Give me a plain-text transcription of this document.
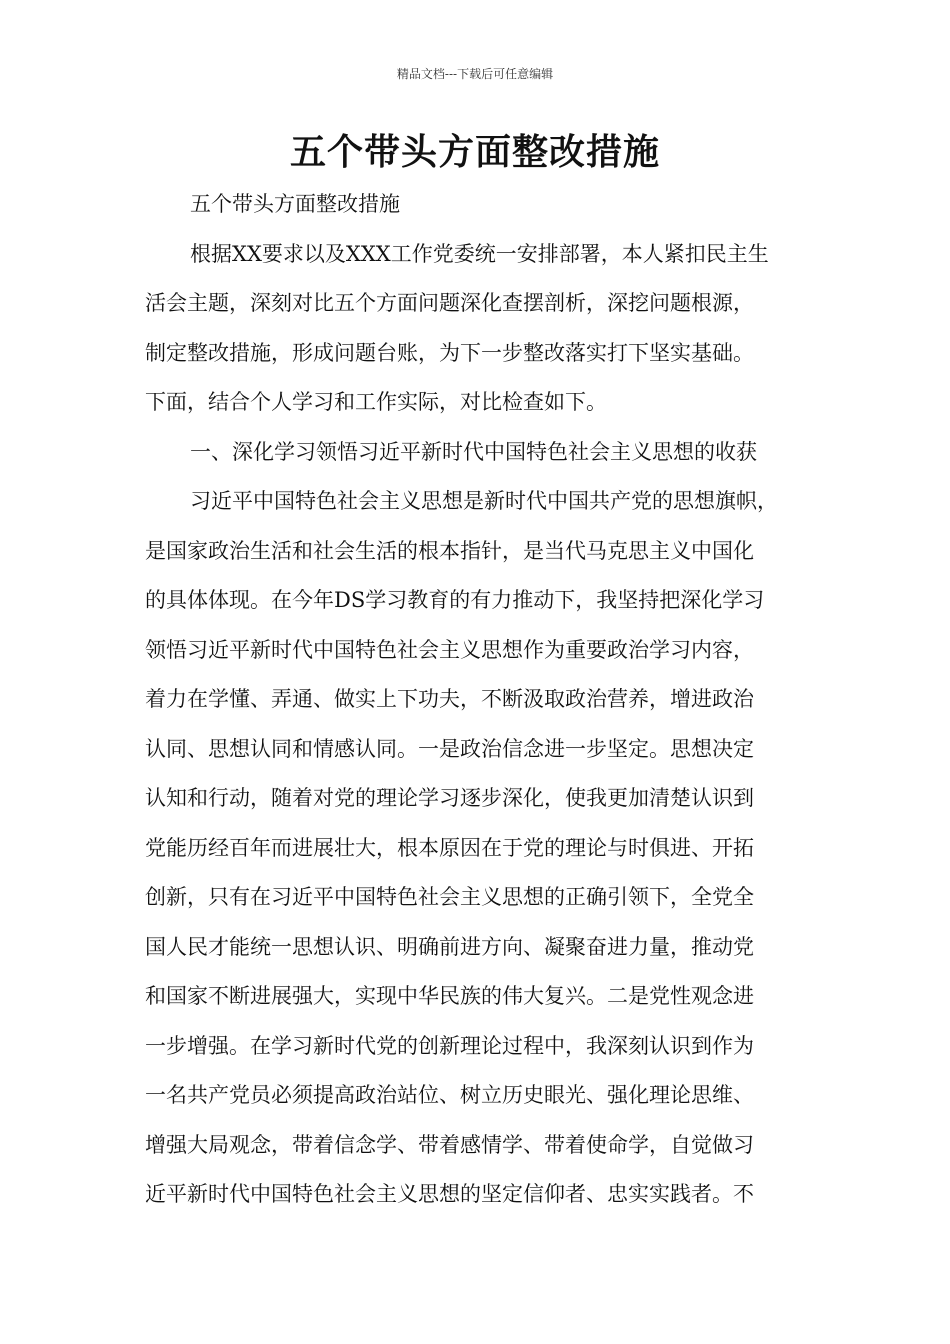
精品文档---下载后可任意编辑
五个带头方面整改措施
五个带头方面整改措施
根据XX要求以及XXX工作党委统一安排部署，本人紧扣民主生
活会主题，深刻对比五个方面问题深化查摆剖析，深挖问题根源，
制定整改措施，形成问题台账，为下一步整改落实打下坚实基础。
下面，结合个人学习和工作实际，对比检查如下。
一、深化学习领悟习近平新时代中国特色社会主义思想的收获
习近平中国特色社会主义思想是新时代中国共产党的思想旗帜，
是国家政治生活和社会生活的根本指针，是当代马克思主义中国化
的具体体现。在今年DS学习教育的有力推动下，我坚持把深化学习
领悟习近平新时代中国特色社会主义思想作为重要政治学习内容，
着力在学懂、弄通、做实上下功夫，不断汲取政治营养，增进政治
认同、思想认同和情感认同。一是政治信念进一步坚定。思想决定
认知和行动，随着对党的理论学习逐步深化，使我更加清楚认识到
党能历经百年而进展壮大，根本原因在于党的理论与时俱进、开拓
创新，只有在习近平中国特色社会主义思想的正确引领下，全党全
国人民才能统一思想认识、明确前进方向、凝聚奋进力量，推动党
和国家不断进展强大，实现中华民族的伟大复兴。二是党性观念进
一步增强。在学习新时代党的创新理论过程中，我深刻认识到作为
一名共产党员必须提高政治站位、树立历史眼光、强化理论思维、
增强大局观念，带着信念学、带着感情学、带着使命学，自觉做习
近平新时代中国特色社会主义思想的坚定信仰者、忠实实践者。不
